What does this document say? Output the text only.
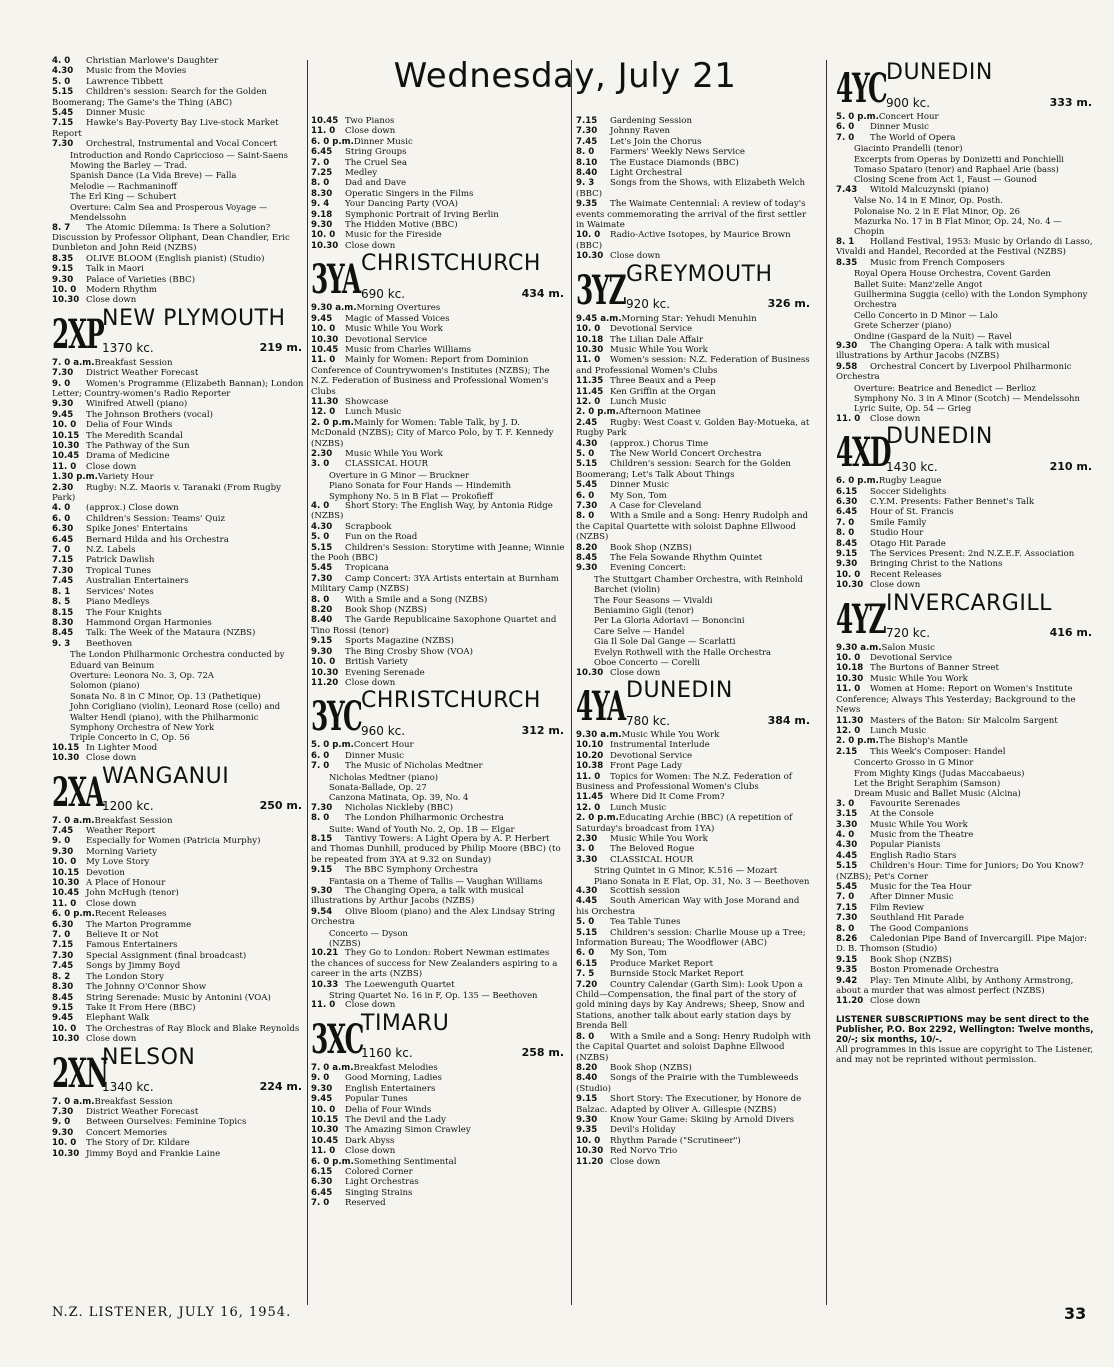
Wednesday, July 21
4. 0 Christian Marlowe's Daughter
4.30 Music from the Movies
5. 0 Lawrence Tibbett
5.15 Children's session: Search for the Golden Boomerang; The Game's the Thing (ABC)
5.45 Dinner Music
7.15 Hawke's Bay-Poverty Bay Live-stock Market Report
7.30 Orchestral, Instrumental and Vocal Concert
Introduction and Rondo Capriccioso — Saint-Saens
Mowing the Barley — Trad.
Spanish Dance (La Vida Breve) — Falla
Melodie — Rachmaninoff
The Erl King — Schubert
Overture: Calm Sea and Prosperous Voyage — Mendelssohn
8. 7 The Atomic Dilemma: Is There a Solution? Discussion by Professor Oliphant, Dean Chandler, Eric Dunbleton and John Reid (NZBS)
8.35 OLIVE BLOOM (English pianist) (Studio)
9.15 Talk in Maori
9.30 Palace of Varieties (BBC)
10. 0 Modern Rhythm
10.30 Close down
2XP
NEW PLYMOUTH
1370 kc.	219 m.
7. 0 a.m.Breakfast Session
7.30 District Weather Forecast
9. 0 Women's Programme (Elizabeth Bannan); London Letter; Country-women's Radio Reporter
9.30 Winifred Atwell (piano)
9.45 The Johnson Brothers (vocal)
10. 0 Delia of Four Winds
10.15 The Meredith Scandal
10.30 The Pathway of the Sun
10.45 Drama of Medicine
11. 0 Close down
1.30 p.m.Variety Hour
2.30 Rugby: N.Z. Maoris v. Taranaki (From Rugby Park)
4. 0 (approx.) Close down
6. 0 Children's Session: Teams' Quiz
6.30 Spike Jones' Entertains
6.45 Bernard Hilda and his Orchestra
7. 0 N.Z. Labels
7.15 Patrick Dawlish
7.30 Tropical Tunes
7.45 Australian Entertainers
8. 1 Services' Notes
8. 5 Piano Medleys
8.15 The Four Knights
8.30 Hammond Organ Harmonies
8.45 Talk: The Week of the Mataura (NZBS)
9. 3 Beethoven
The London Philharmonic Orchestra conducted by Eduard van Beinum
Overture: Leonora No. 3, Op. 72A
Solomon (piano)
Sonata No. 8 in C Minor, Op. 13 (Pathetique)
John Corigliano (violin), Leonard Rose (cello) and Walter Hendl (piano), with the Philharmonic Symphony Orchestra of New York
Triple Concerto in C, Op. 56
10.15 In Lighter Mood
10.30 Close down
2XA
WANGANUI
1200 kc.	250 m.
7. 0 a.m.Breakfast Session
7.45 Weather Report
9. 0 Especially for Women (Patricia Murphy)
9.30 Morning Variety
10. 0 My Love Story
10.15 Devotion
10.30 A Place of Honour
10.45 John McHugh (tenor)
11. 0 Close down
6. 0 p.m.Recent Releases
6.30 The Marton Programme
7. 0 Believe It or Not
7.15 Famous Entertainers
7.30 Special Assignment (final broadcast)
7.45 Songs by Jimmy Boyd
8. 2 The London Story
8.30 The Johnny O'Connor Show
8.45 String Serenade: Music by Antonini (VOA)
9.15 Take It From Here (BBC)
9.45 Elephant Walk
10. 0 The Orchestras of Ray Block and Blake Reynolds
10.30 Close down
2XN
NELSON
1340 kc.	224 m.
7. 0 a.m.Breakfast Session
7.30 District Weather Forecast
9. 0 Between Ourselves: Feminine Topics
9.30 Concert Memories
10. 0 The Story of Dr. Kildare
10.30 Jimmy Boyd and Frankie Laine
10.45 Two Pianos
11. 0 Close down
6. 0 p.m.Dinner Music
6.45 String Groups
7. 0 The Cruel Sea
7.25 Medley
8. 0 Dad and Dave
8.30 Operatic Singers in the Films
9. 4 Your Dancing Party (VOA)
9.18 Symphonic Portrait of Irving Berlin
9.30 The Hidden Motive (BBC)
10. 0 Music for the Fireside
10.30 Close down
3YA CHRISTCHURCH
690 kc.	434 m.
9.30 a.m.Morning Overtures
9.45 Magic of Massed Voices
10. 0 Music While You Work
10.30 Devotional Service
10.45 Music from Charles Williams
11. 0 Mainly for Women: Report from Dominion Conference of Countrywomen's Institutes (NZBS); The N.Z. Federation of Business and Professional Women's Clubs
11.30 Showcase
12. 0 Lunch Music
2. 0 p.m.Mainly for Women: Table Talk, by J. D. McDonald (NZBS); City of Marco Polo, by T. F. Kennedy (NZBS)
2.30 Music While You Work
3. 0 CLASSICAL HOUR
Overture in G Minor — Bruckner
Piano Sonata for Four Hands — Hindemith
Symphony No. 5 in B Flat — Prokofieff
4. 0 Short Story: The English Way, by Antonia Ridge (NZBS)
4.30 Scrapbook
5. 0 Fun on the Road
5.15 Children's Session: Storytime with Jeanne; Winnie the Pooh (BBC)
5.45 Tropicana
7.30 Camp Concert: 3YA Artists entertain at Burnham Military Camp (NZBS)
8. 0 With a Smile and a Song (NZBS)
8.20 Book Shop (NZBS)
8.40 The Garde Republicaine Saxophone Quartet and Tino Rossi (tenor)
9.15 Sports Magazine (NZBS)
9.30 The Bing Crosby Show (VOA)
10. 0 British Variety
10.30 Evening Serenade
11.20 Close down
3YC CHRISTCHURCH
960 kc.	312 m.
5. 0 p.m.Concert Hour
6. 0 Dinner Music
7. 0 The Music of Nicholas Medtner
Nicholas Medtner (piano)
Sonata-Ballade, Op. 27
Canzona Matinata, Op. 39, No. 4
7.30 Nicholas Nickleby (BBC)
8. 0 The London Philharmonic Orchestra
Suite: Wand of Youth No. 2, Op. 1B — Elgar
8.15 Tantivy Towers: A Light Opera by A. P. Herbert and Thomas Dunhill, produced by Philip Moore (BBC) (to be repeated from 3YA at 9.32 on Sunday)
9.15 The BBC Symphony Orchestra
Fantasia on a Theme of Tallis — Vaughan Williams
9.30 The Changing Opera, a talk with musical illustrations by Arthur Jacobs (NZBS)
9.54 Olive Bloom (piano) and the Alex Lindsay String Orchestra
Concerto — Dyson
(NZBS)
10.21 They Go to London: Robert Newman estimates the chances of success for New Zealanders aspiring to a career in the arts (NZBS)
10.33 The Loewenguth Quartet
String Quartet No. 16 in F, Op. 135 — Beethoven
11. 0 Close down
3XC
TIMARU
1160 kc.	258 m.
7. 0 a.m.Breakfast Melodies
9. 0 Good Morning, Ladies
9.30 English Entertainers
9.45 Popular Tunes
10. 0 Delia of Four Winds
10.15 The Devil and the Lady
10.30 The Amazing Simon Crawley
10.45 Dark Abyss
11. 0 Close down
6. 0 p.m.Something Sentimental
6.15 Colored Corner
6.30 Light Orchestras
6.45 Singing Strains
7. 0 Reserved
7.15 Gardening Session
7.30 Johnny Raven
7.45 Let's Join the Chorus
8. 0 Farmers' Weekly News Service
8.10 The Eustace Diamonds (BBC)
8.40 Light Orchestral
9. 3 Songs from the Shows, with Elizabeth Welch (BBC)
9.35 The Waimate Centennial: A review of today's events commemorating the arrival of the first settler in Waimate
10. 0 Radio-Active Isotopes, by Maurice Brown (BBC)
10.30 Close down
3YZ GREYMOUTH
920 kc.	326 m.
9.45 a.m.Morning Star: Yehudi Menuhin
10. 0 Devotional Service
10.18 The Lilian Dale Affair
10.30 Music While You Work
11. 0 Women's session: N.Z. Federation of Business and Professional Women's Clubs
11.35 Three Beaux and a Peep
11.45 Ken Griffin at the Organ
12. 0 Lunch Music
2. 0 p.m.Afternoon Matinee
2.45 Rugby: West Coast v. Golden Bay-Motueka, at Rugby Park
4.30 (approx.) Chorus Time
5. 0 The New World Concert Orchestra
5.15 Children's session: Search for the Golden Boomerang; Let's Talk About Things
5.45 Dinner Music
6. 0 My Son, Tom
7.30 A Case for Cleveland
8. 0 With a Smile and a Song: Henry Rudolph and the Capital Quartette with soloist Daphne Ellwood (NZBS)
8.20 Book Shop (NZBS)
8.45 The Fela Sowande Rhythm Quintet
9.30 Evening Concert:
The Stuttgart Chamber Orchestra, with Reinhold Barchet (violin)
The Four Seasons — Vivaldi
Beniamino Gigli (tenor)
Per La Gloria Adoriavi — Bononcini
Care Selve — Handel
Gia Il Sole Dal Gange — Scarlatti
Evelyn Rothwell with the Halle Orchestra
Oboe Concerto — Corelli
10.30 Close down
4YA DUNEDIN
780 kc.	384 m.
9.30 a.m.Music While You Work
10.10 Instrumental Interlude
10.20 Devotional Service
10.38 Front Page Lady
11. 0 Topics for Women: The N.Z. Federation of Business and Professional Women's Clubs
11.45 Where Did It Come From?
12. 0 Lunch Music
2. 0 p.m.Educating Archie (BBC) (A repetition of Saturday's broadcast from 1YA)
2.30 Music While You Work
3. 0 The Beloved Rogue
3.30 CLASSICAL HOUR
String Quintet in G Minor, K.516 — Mozart
Piano Sonata in E Flat, Op. 31, No. 3 — Beethoven
4.30 Scottish session
4.45 South American Way with Jose Morand and his Orchestra
5. 0 Tea Table Tunes
5.15 Children's session: Charlie Mouse up a Tree; Information Bureau; The Woodflower (ABC)
6. 0 My Son, Tom
6.15 Produce Market Report
7. 5 Burnside Stock Market Report
7.20 Country Calendar (Garth Sim): Look Upon a Child—Compensation, the final part of the story of gold mining days by Kay Andrews; Sheep, Snow and Stations, another talk about early station days by Brenda Bell
8. 0 With a Smile and a Song: Henry Rudolph with the Capital Quartet and soloist Daphne Ellwood (NZBS)
8.20 Book Shop (NZBS)
8.40 Songs of the Prairie with the Tumbleweeds (Studio)
9.15 Short Story: The Executioner, by Honore de Balzac. Adapted by Oliver A. Gillespie (NZBS)
9.30 Know Your Game: Skiing by Arnold Divers
9.35 Devil's Holiday
10. 0 Rhythm Parade ("Scrutineer")
10.30 Red Norvo Trio
11.20 Close down
4YC DUNEDIN
900 kc.	333 m.
5. 0 p.m.Concert Hour
6. 0 Dinner Music
7. 0 The World of Opera
Giacinto Prandelli (tenor)
Excerpts from Operas by Donizetti and Ponchielli
Tomaso Spataro (tenor) and Raphael Arie (bass)
Closing Scene from Act 1, Faust — Gounod
7.43 Witold Malcuzynski (piano)
Valse No. 14 in E Minor, Op. Posth.
Polonaise No. 2 in E Flat Minor, Op. 26
Mazurka No. 17 in B Flat Minor, Op. 24, No. 4 — Chopin
8. 1 Holland Festival, 1953: Music by Orlando di Lasso, Vivaldi and Handel, Recorded at the Festival (NZBS)
8.35 Music from French Composers
Royal Opera House Orchestra, Covent Garden
Ballet Suite: Manz'zelle Angot
Guilhermina Suggia (cello) with the London Symphony Orchestra
Cello Concerto in D Minor — Lalo
Grete Scherzer (piano)
Ondine (Gaspard de la Nuit) — Ravel
9.30 The Changing Opera: A talk with musical illustrations by Arthur Jacobs (NZBS)
9.58 Orchestral Concert by Liverpool Philharmonic Orchestra
Overture: Beatrice and Benedict — Berlioz
Symphony No. 3 in A Minor (Scotch) — Mendelssohn
Lyric Suite, Op. 54 — Grieg
11. 0 Close down
4XD
DUNEDIN
1430 kc.	210 m.
6. 0 p.m.Rugby League
6.15 Soccer Sidelights
6.30 C.Y.M. Presents: Father Bennet's Talk
6.45 Hour of St. Francis
7. 0 Smile Family
8. 0 Studio Hour
8.45 Otago Hit Parade
9.15 The Services Present: 2nd N.Z.E.F. Association
9.30 Bringing Christ to the Nations
10. 0 Recent Releases
10.30 Close down
4YZ INVERCARGILL
720 kc.	416 m.
9.30 a.m.Salon Music
10. 0 Devotional Service
10.18 The Burtons of Banner Street
10.30 Music While You Work
11. 0 Women at Home: Report on Women's Institute Conference; Always This Yesterday; Background to the News
11.30 Masters of the Baton: Sir Malcolm Sargent
12. 0 Lunch Music
2. 0 p.m.The Bishop's Mantle
2.15 This Week's Composer: Handel
Concerto Grosso in G Minor
From Mighty Kings (Judas Maccabaeus)
Let the Bright Seraphim (Samson)
Dream Music and Ballet Music (Alcina)
3. 0 Favourite Serenades
3.15 At the Console
3.30 Music While You Work
4. 0 Music from the Theatre
4.30 Popular Pianists
4.45 English Radio Stars
5.15 Children's Hour: Time for Juniors; Do You Know? (NZBS); Pet's Corner
5.45 Music for the Tea Hour
7. 0 After Dinner Music
7.15 Film Review
7.30 Southland Hit Parade
8. 0 The Good Companions
8.26 Caledonian Pipe Band of Invercargill. Pipe Major: D. B. Thomson (Studio)
9.15 Book Shop (NZBS)
9.35 Boston Promenade Orchestra
9.42 Play: Ten Minute Alibi, by Anthony Armstrong, about a murder that was almost perfect (NZBS)
11.20 Close down
LISTENER SUBSCRIPTIONS may be sent direct to the Publisher, P.O. Box 2292, Wellington: Twelve months, 20/-; six months, 10/-.
All programmes in this issue are copyright to The Listener, and may not be reprinted without permission.
N.Z. LISTENER, JULY 16, 1954.	33
